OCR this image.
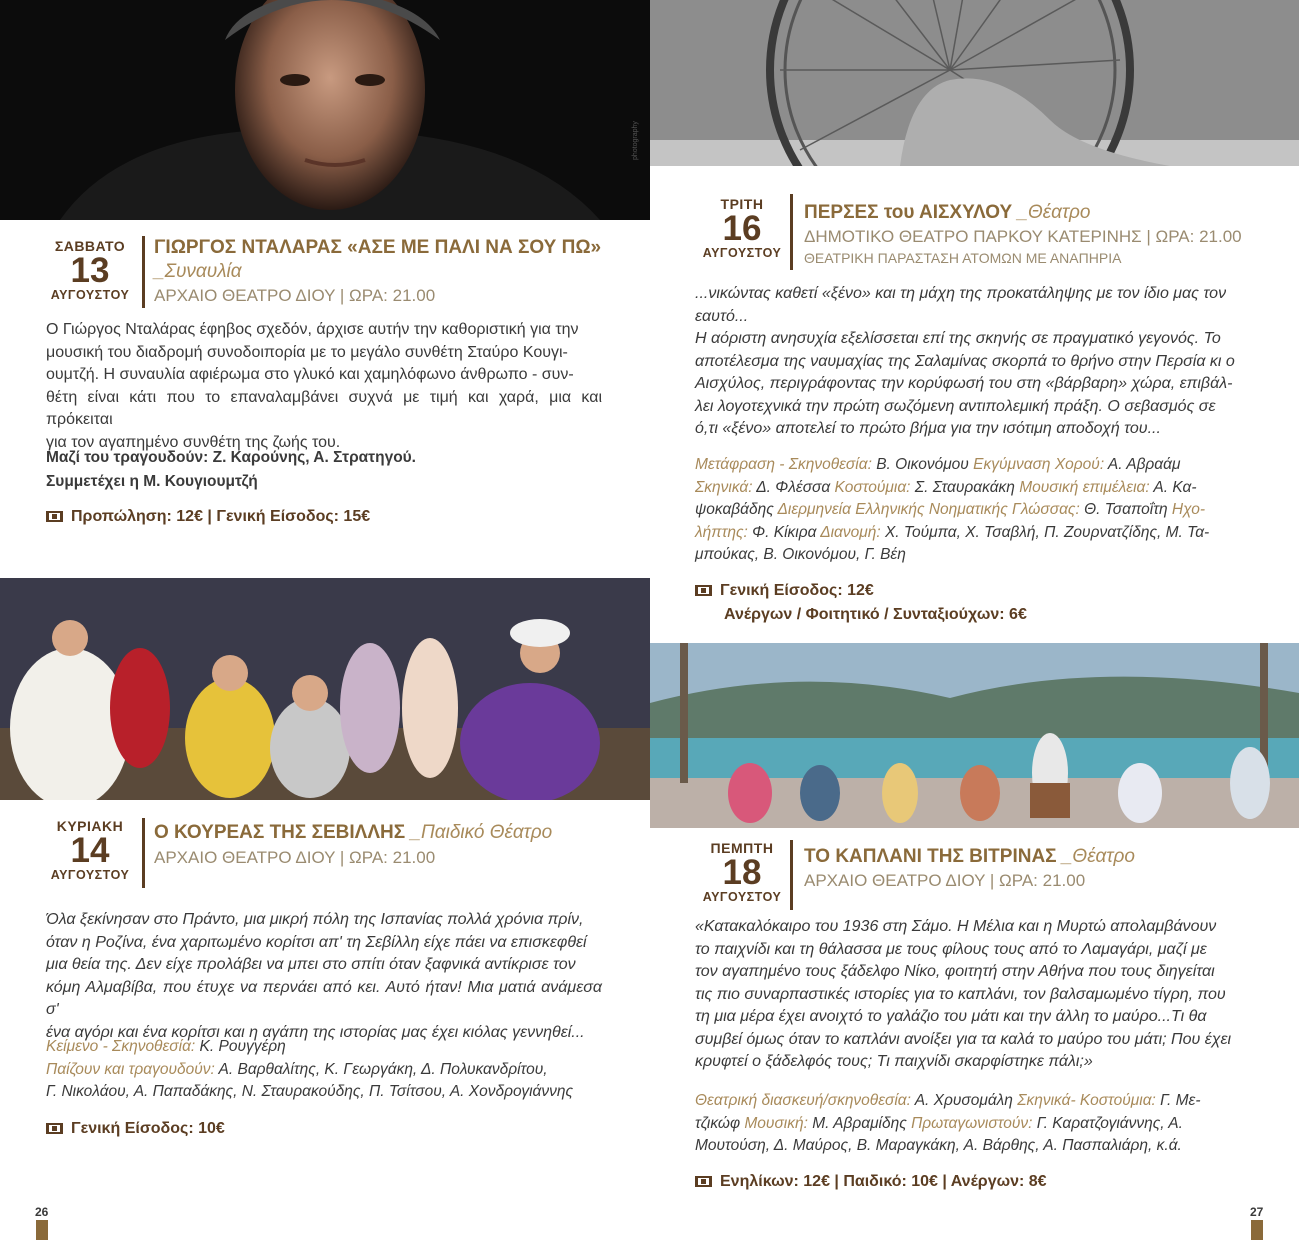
ΣΑΒΒΑΤΟ
13
ΑΥΓΟΥΣΤΟΥ
ΓΙΩΡΓΟΣ ΝΤΑΛΑΡΑΣ «ΑΣΕ ΜΕ ΠΑΛΙ ΝΑ ΣΟΥ ΠΩ»
_Συναυλία
ΑΡΧΑΙΟ ΘΕΑΤΡΟ ΔΙΟΥ | ΩΡΑ: 21.00
Ο Γιώργος Νταλάρας έφηβος σχεδόν, άρχισε αυτήν την καθοριστική για την
μουσική του διαδρομή συνοδοιπορία με το μεγάλο συνθέτη Σταύρο Κουγι-
ουμτζή. Η συναυλία αφιέρωμα στο γλυκό και χαμηλόφωνο άνθρωπο - συν-
θέτη είναι κάτι που το επαναλαμβάνει συχνά με τιμή και χαρά, μια και πρόκειται
για τον αγαπημένο συνθέτη της ζωής του.
Μαζί του τραγουδούν: Ζ. Καρούνης, Α. Στρατηγού.
Συμμετέχει η Μ. Κουγιουμτζή
Προπώληση: 12€ | Γενική Είσοδος: 15€
ΚΥΡΙΑΚΗ
14
ΑΥΓΟΥΣΤΟΥ
Ο ΚΟΥΡΕΑΣ ΤΗΣ ΣΕΒΙΛΛΗΣ _Παιδικό Θέατρο
ΑΡΧΑΙΟ ΘΕΑΤΡΟ ΔΙΟΥ | ΩΡΑ: 21.00
Όλα ξεκίνησαν στο Πράντο, μια μικρή πόλη της Ισπανίας πολλά χρόνια πρίν,
όταν η Ροζίνα, ένα χαριτωμένο κορίτσι απ' τη Σεβίλλη είχε πάει να επισκεφθεί
μια θεία της. Δεν είχε προλάβει να μπει στο σπίτι όταν ξαφνικά αντίκρισε τον
κόμη Αλμαβίβα, που έτυχε να περνάει από κει. Αυτό ήταν! Μια ματιά ανάμεσα σ'
ένα αγόρι και ένα κορίτσι και η αγάπη της ιστορίας μας έχει κιόλας γεννηθεί...
Κείμενο - Σκηνοθεσία: Κ. Ρουγγέρη
Παίζουν και τραγουδούν: Α. Βαρθαλίτης, Κ. Γεωργάκη, Δ. Πολυκανδρίτου,
Γ. Νικολάου, Α. Παπαδάκης, Ν. Σταυρακούδης, Π. Τσίτσου, Α. Χονδρογιάννης
Γενική Είσοδος: 10€
ΤΡΙΤΗ
16
ΑΥΓΟΥΣΤΟΥ
ΠΕΡΣΕΣ του ΑΙΣΧΥΛΟΥ _Θέατρο
ΔΗΜΟΤΙΚΟ ΘΕΑΤΡΟ ΠΑΡΚΟΥ ΚΑΤΕΡΙΝΗΣ | ΩΡΑ: 21.00
ΘΕΑΤΡΙΚΗ ΠΑΡΑΣΤΑΣΗ ΑΤΟΜΩΝ ΜΕ ΑΝΑΠΗΡΙΑ
...νικώντας καθετί «ξένο» και τη μάχη της προκατάληψης με τον ίδιο μας τον
εαυτό...
Η αόριστη ανησυχία εξελίσσεται επί της σκηνής σε πραγματικό γεγονός. Το
αποτέλεσμα της ναυμαχίας της Σαλαμίνας σκορπά το θρήνο στην Περσία κι ο
Αισχύλος, περιγράφοντας την κορύφωσή του στη «βάρβαρη» χώρα, επιβάλ-
λει λογοτεχνικά την πρώτη σωζόμενη αντιπολεμική πράξη. Ο σεβασμός σε
ό,τι «ξένο» αποτελεί το πρώτο βήμα για την ισότιμη αποδοχή του...
Μετάφραση - Σκηνοθεσία: Β. Οικονόμου Εκγύμναση Χορού: Α. Αβραάμ
Σκηνικά: Δ. Φλέσσα Κοστούμια: Σ. Σταυρακάκη Μουσική επιμέλεια: Α. Κα-
ψοκαβάδης Διερμηνεία Ελληνικής Νοηματικής Γλώσσας: Θ. Τσαποΐτη Ηχο-
λήπτης: Φ. Κίκιρα Διανομή: Χ. Τούμπα, Χ. Τσαβλή, Π. Ζουρνατζίδης, Μ. Τα-
μπούκας, Β. Οικονόμου, Γ. Βέη
Γενική Είσοδος: 12€
Ανέργων / Φοιτητικό / Συνταξιούχων: 6€
ΠΕΜΠΤΗ
18
ΑΥΓΟΥΣΤΟΥ
ΤΟ ΚΑΠΛΑΝΙ ΤΗΣ ΒΙΤΡΙΝΑΣ _Θέατρο
ΑΡΧΑΙΟ ΘΕΑΤΡΟ ΔΙΟΥ | ΩΡΑ: 21.00
«Κατακαλόκαιρο του 1936 στη Σάμο. Η Μέλια και η Μυρτώ απολαμβάνουν
το παιχνίδι και τη θάλασσα με τους φίλους τους από το Λαμαγάρι, μαζί με
τον αγαπημένο τους ξάδελφο Νίκο, φοιτητή στην Αθήνα που τους διηγείται
τις πιο συναρπαστικές ιστορίες για το καπλάνι, τον βαλσαμωμένο τίγρη, που
τη μια μέρα έχει ανοιχτό το γαλάζιο του μάτι και την άλλη το μαύρο...Τι θα
συμβεί όμως όταν το καπλάνι ανοίξει για τα καλά το μαύρο του μάτι; Που έχει
κρυφτεί ο ξάδελφός τους; Τι παιχνίδι σκαρφίστηκε πάλι;»
Θεατρική διασκευή/σκηνοθεσία: Α. Χρυσομάλη Σκηνικά- Κοστούμια: Γ. Με-
τζικώφ Μουσική: Μ. Αβραμίδης Πρωταγωνιστούν: Γ. Καρατζογιάννης, Α.
Μουτούση, Δ. Μαύρος, Β. Μαραγκάκη, Α. Βάρθης, Α. Πασπαλιάρη, κ.ά.
Ενηλίκων: 12€ | Παιδικό: 10€ | Ανέργων: 8€
26	27
photography
